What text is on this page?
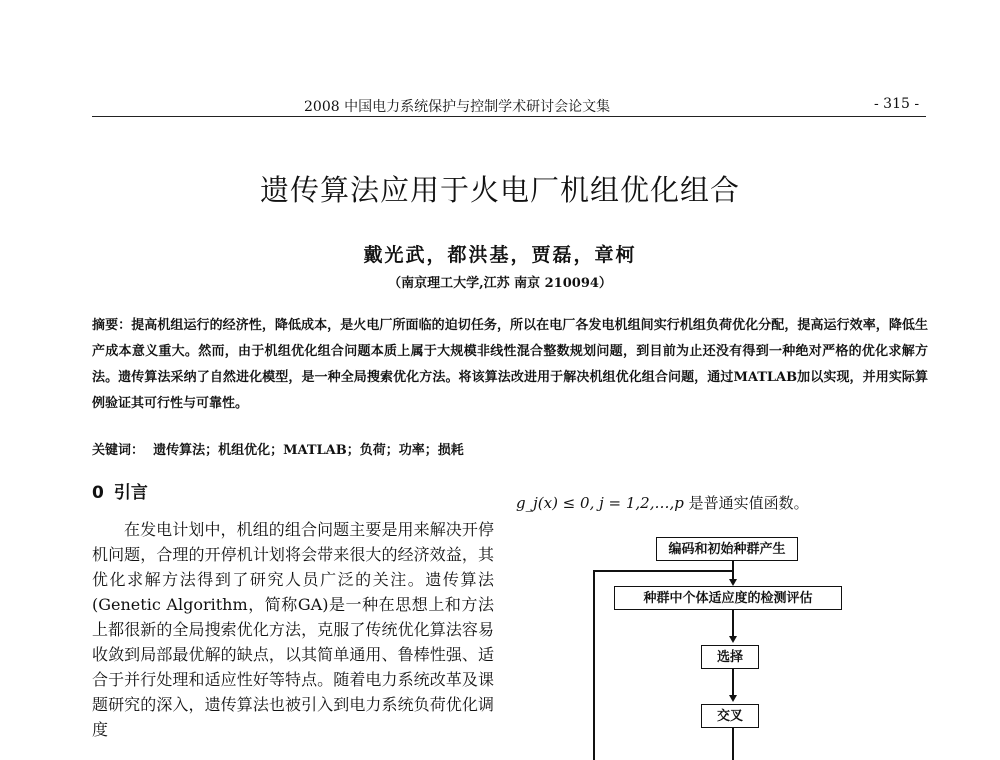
2008 中国电力系统保护与控制学术研讨会论文集	- 315 -
遗传算法应用于火电厂机组优化组合
戴光武，都洪基，贾磊，章柯
（南京理工大学,江苏 南京 210094）
摘要：提高机组运行的经济性，降低成本，是火电厂所面临的迫切任务，所以在电厂各发电机组间实行机组负荷优化分配，提高运行效率，降低生产成本意义重大。然而，由于机组优化组合问题本质上属于大规模非线性混合整数规划问题，到目前为止还没有得到一种绝对严格的优化求解方法。遗传算法采纳了自然进化模型，是一种全局搜索优化方法。将该算法改进用于解决机组优化组合问题，通过MATLAB加以实现，并用实际算例验证其可行性与可靠性。
关键词： 遗传算法；机组优化；MATLAB；负荷；功率；损耗
0 引言
在发电计划中，机组的组合问题主要是用来解决开停机问题，合理的开停机计划将会带来很大的经济效益，其优化求解方法得到了研究人员广泛的关注。遗传算法(Genetic Algorithm，简称GA)是一种在思想上和方法上都很新的全局搜索优化方法，克服了传统优化算法容易收敛到局部最优解的缺点，以其简单通用、鲁棒性强、适合于并行处理和适应性好等特点。随着电力系统改革及课题研究的深入，遗传算法也被引入到电力系统负荷优化调度
g_j(x) ≤ 0, j = 1,2,…,p 是普通实值函数。
编码和初始种群产生
种群中个体适应度的检测评估
选择
交叉
